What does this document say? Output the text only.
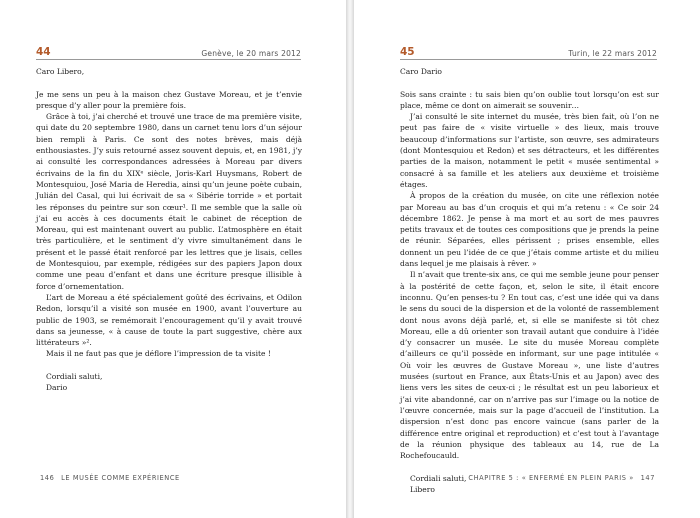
44	Genève, le 20 mars 2012

Caro Libero,

Je me sens un peu à la maison chez Gustave Moreau, et je t’envie presque d’y aller pour la première fois.

Grâce à toi, j’ai cherché et trouvé une trace de ma première visite, qui date du 20 septembre 1980, dans un carnet tenu lors d’un séjour bien rempli à Paris. Ce sont des notes brèves, mais déjà enthousiastes. J’y suis retourné assez souvent depuis, et, en 1981, j’y ai consulté les correspondances adressées à Moreau par divers écrivains de la fin du XIXᵉ siècle, Joris-Karl Huysmans, Robert de Montesquiou, José Maria de Heredia, ainsi qu’un jeune poète cubain, Julián del Casal, qui lui écrivait de sa « Sibérie torride » et portait les réponses du peintre sur son cœur¹. Il me semble que la salle où j’ai eu accès à ces documents était le cabinet de réception de Moreau, qui est maintenant ouvert au public. L’atmosphère en était très particulière, et le sentiment d’y vivre simultanément dans le présent et le passé était renforcé par les lettres que je lisais, celles de Montesquiou, par exemple, rédigées sur des papiers Japon doux comme une peau d’enfant et dans une écriture presque illisible à force d’ornementation.

L’art de Moreau a été spécialement goûté des écrivains, et Odilon Redon, lorsqu’il a visité son musée en 1900, avant l’ouverture au public de 1903, se remémorait l’encouragement qu’il y avait trouvé dans sa jeunesse, « à cause de toute la part suggestive, chère aux littérateurs »².

Mais il ne faut pas que je déflore l’impression de ta visite !

Cordiali saluti,

Dario

146 LE MUSÉE COMME EXPÉRIENCE
45	Turin, le 22 mars 2012

Caro Dario

Sois sans crainte : tu sais bien qu’on oublie tout lorsqu’on est sur place, même ce dont on aimerait se souvenir…

J’ai consulté le site internet du musée, très bien fait, où l’on ne peut pas faire de « visite virtuelle » des lieux, mais trouve beaucoup d’informations sur l’artiste, son œuvre, ses admirateurs (dont Montesquiou et Redon) et ses détracteurs, et les différentes parties de la maison, notamment le petit « musée sentimental » consacré à sa famille et les ateliers aux deuxième et troisième étages.

À propos de la création du musée, on cite une réflexion notée par Moreau au bas d’un croquis et qui m’a retenu : « Ce soir 24 décembre 1862. Je pense à ma mort et au sort de mes pauvres petits travaux et de toutes ces compositions que je prends la peine de réunir. Séparées, elles périssent ; prises ensemble, elles donnent un peu l’idée de ce que j’étais comme artiste et du milieu dans lequel je me plaisais à rêver. »

Il n’avait que trente-six ans, ce qui me semble jeune pour penser à la postérité de cette façon, et, selon le site, il était encore inconnu. Qu’en penses-tu ? En tout cas, c’est une idée qui va dans le sens du souci de la dispersion et de la volonté de rassemblement dont nous avons déjà parlé, et, si elle se manifeste si tôt chez Moreau, elle a dû orienter son travail autant que conduire à l’idée d’y consacrer un musée. Le site du musée Moreau complète d’ailleurs ce qu’il possède en informant, sur une page intitulée « Où voir les œuvres de Gustave Moreau », une liste d’autres musées (surtout en France, aux États-Unis et au Japon) avec des liens vers les sites de ceux-ci ; le résultat est un peu laborieux et j’ai vite abandonné, car on n’arrive pas sur l’image ou la notice de l’œuvre concernée, mais sur la page d’accueil de l’institution. La dispersion n’est donc pas encore vaincue (sans parler de la différence entre original et reproduction) et c’est tout à l’avantage de la réunion physique des tableaux au 14, rue de La Rochefoucauld.

Cordiali saluti,

Libero

CHAPITRE 5 : « ENFERMÉ EN PLEIN PARIS » 147
